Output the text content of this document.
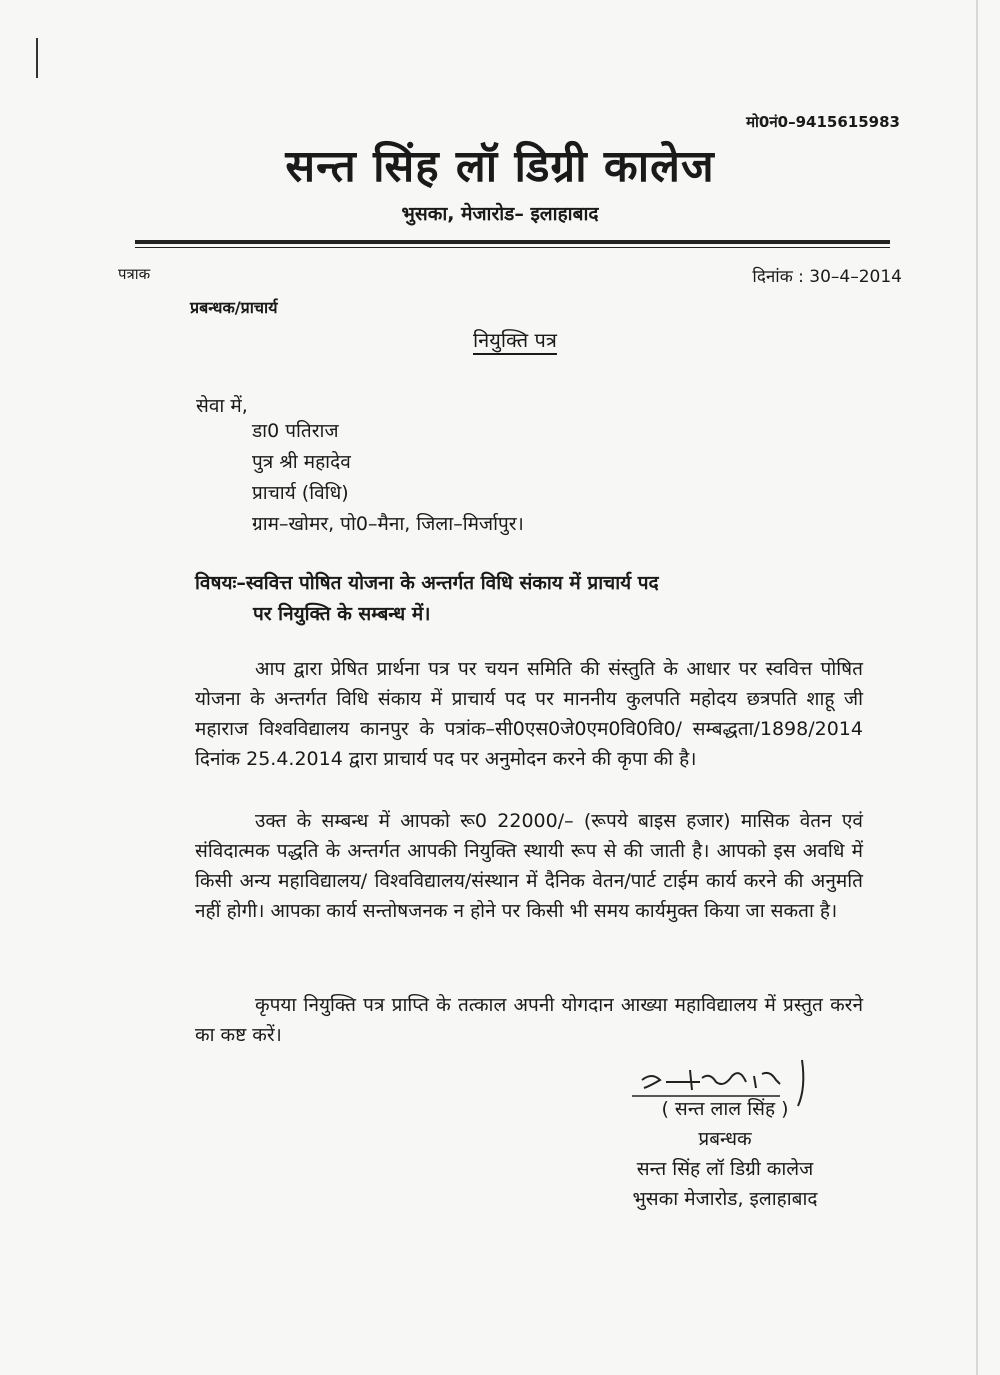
मो0नं0–9415615983
सन्त सिंह लॉ डिग्री कालेज
भुसका, मेजारोड– इलाहाबाद
पत्राक	दिनांक : 30–4–2014
प्रबन्धक/प्राचार्य
नियुक्ति पत्र
सेवा में,
डा0 पतिराज
पुत्र श्री महादेव
प्राचार्य (विधि)
ग्राम–खोमर, पो0–मैना, जिला–मिर्जापुर।
विषयः–स्ववित्त पोषित योजना के अन्तर्गत विधि संकाय में प्राचार्य पद
पर नियुक्ति के सम्बन्ध में।
आप द्वारा प्रेषित प्रार्थना पत्र पर चयन समिति की संस्तुति के आधार पर स्ववित्त पोषित योजना के अन्तर्गत विधि संकाय में प्राचार्य पद पर माननीय कुलपति महोदय छत्रपति शाहू जी महाराज विश्वविद्यालय कानपुर के पत्रांक–सी0एस0जे0एम0वि0वि0/ सम्बद्धता/1898/2014 दिनांक 25.4.2014 द्वारा प्राचार्य पद पर अनुमोदन करने की कृपा की है।
उक्त के सम्बन्ध में आपको रू0 22000/– (रूपये बाइस हजार) मासिक वेतन एवं संविदात्मक पद्धति के अन्तर्गत आपकी नियुक्ति स्थायी रूप से की जाती है। आपको इस अवधि में किसी अन्य महाविद्यालय/ विश्वविद्यालय/संस्थान में दैनिक वेतन/पार्ट टाईम कार्य करने की अनुमति नहीं होगी। आपका कार्य सन्तोषजनक न होने पर किसी भी समय कार्यमुक्त किया जा सकता है।
कृपया नियुक्ति पत्र प्राप्ति के तत्काल अपनी योगदान आख्या महाविद्यालय में प्रस्तुत करने का कष्ट करें।
( सन्त लाल सिंह )
प्रबन्धक
सन्त सिंह लॉ डिग्री कालेज
भुसका मेजारोड, इलाहाबाद
